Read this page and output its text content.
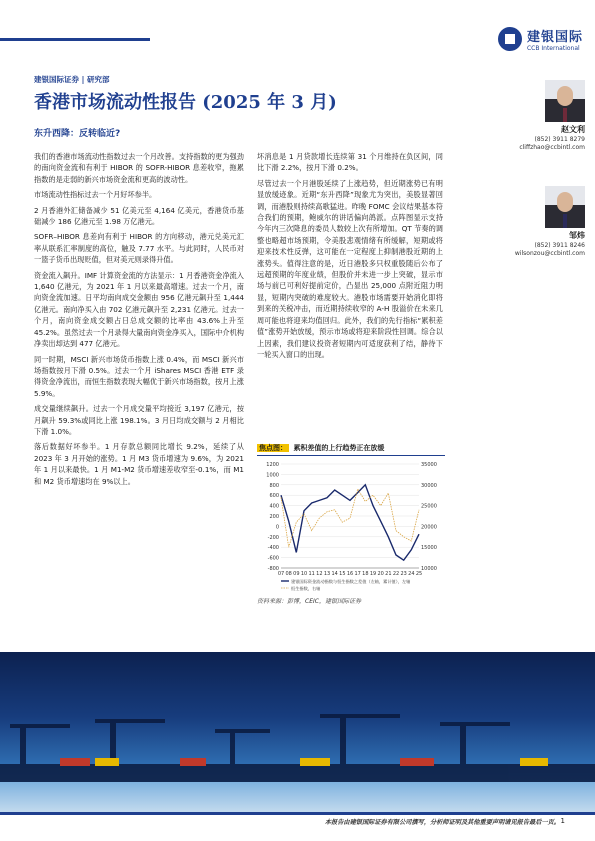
建银国际
CCB International
建银国际证券 | 研究部
香港市场流动性报告 (2025 年 3 月)
东升西降：反转临近?	赵文利
(852) 3911 8279
cliffzhao@ccbintl.com
邹炜
(852) 3911 8246
wilsonzou@ccbintl.com

我们的香港市场流动性指数过去一个月改善。支持指数的更为强劲的南向资金流和有利于 HIBOR 的 SOFR-HIBOR 息差收窄，拖累指数的是走弱的新兴市场资金流和更高的波动性。

市场流动性指标过去一个月好坏参半。

2 月香港外汇储备减少 51 亿美元至 4,164 亿美元，香港货币基础减少 186 亿港元至 1.98 万亿港元。

SOFR–HIBOR 息差向有利于 HIBOR 的方向移动，港元兑美元汇率从联系汇率制度的高位，触及 7.77 水平。与此同时，人民币对一篮子货币出现贬值，但对美元则录得升值。

资金流入飙升。IMF 计算资金流的方法显示：1 月香港资金净流入 1,640 亿港元，为 2021 年 1 月以来最高增速。过去一个月，南向资金流加速。日平均南向成交金额由 956 亿港元飙升至 1,444 亿港元。南向净买入由 702 亿港元飙升至 2,231 亿港元。过去一个月，南向资金成交额占日总成交额的比率由 43.6%上升至 45.2%。虽然过去一个月录得大量南向资金净买入，国际中介机构净卖出却达到 477 亿港元。

同一时期，MSCI 新兴市场货币指数上涨 0.4%，而 MSCI 新兴市场指数按月下滑 0.5%。过去一个月 iShares MSCI 香港 ETF 录得资金净流出，而恒生指数表现大幅优于新兴市场指数，按月上涨 5.9%。

成交量继续飙升。过去一个月成交量平均接近 3,197 亿港元，按月飙升 59.3%或同比上涨 198.1%。3 月日均成交额与 2 月相比下滑 1.0%。

落后数据好坏参半。1 月存款总额同比增长 9.2%，延续了从 2023 年 3 月开始的涨势。1 月 M3 货币增速为 9.6%，为 2021 年 1 月以来最快。1 月 M1-M2 货币增速差收窄至-0.1%，而 M1 和 M2 货币增速均在 9%以上。

坏消息是 1 月贷款增长连续第 31 个月维持在负区间，同比下滑 2.2%，按月下滑 0.2%。

尽管过去一个月港股延续了上涨趋势，但近期涨势已有明显放缓迹象。近期“东升西降”现象尤为突出，美股显著回调，而港股则持续高歌猛进。昨晚 FOMC 会议结果基本符合我们的预期，鲍威尔的讲话偏向鸽派。点阵图显示支持今年内三次降息的委员人数较上次有所增加。QT 节奏的调整也略超市场预期，令美股悲观情绪有所缓解，短期或将迎来技术性反弹，这可能在一定程度上抑制港股近期的上涨势头。值得注意的是，近日港股多只权重股随后公布了远超预期的年度业绩，但股价并未进一步上突破，显示市场与前已可利好提前定价，凸显出 25,000 点附近阻力明显，短期内突破的难度较大。港股市场需要开始消化即将到来的关税冲击，而近期持续收窄的 A-H 股溢价在未来几周可能也将迎来均值回归。此外，我们的先行指标“累积差值”涨势开始放缓，预示市场或将迎来阶段性回调。综合以上因素，我们建议投资者短期内可适度获利了结，静待下一轮买入窗口的出现。

焦点图： 累积差值的上行趋势正在放缓
1200
1000
800
600
400
200
0
-200
-400
-600
-800
35000
30000
25000
20000
15000
10000
07 08 09 10 11 12 13 14 15 16 17 18 19 20 21 22 23 24 25
建银国际资金流动指数与恒生指数之差值（左轴，累计值），左轴
恒生指数，右轴
资料来源：彭博，CEIC，建银国际证券
本报告由建银国际证券有限公司撰写，分析师证明及其他重要声明请见报告最后一页。 1
